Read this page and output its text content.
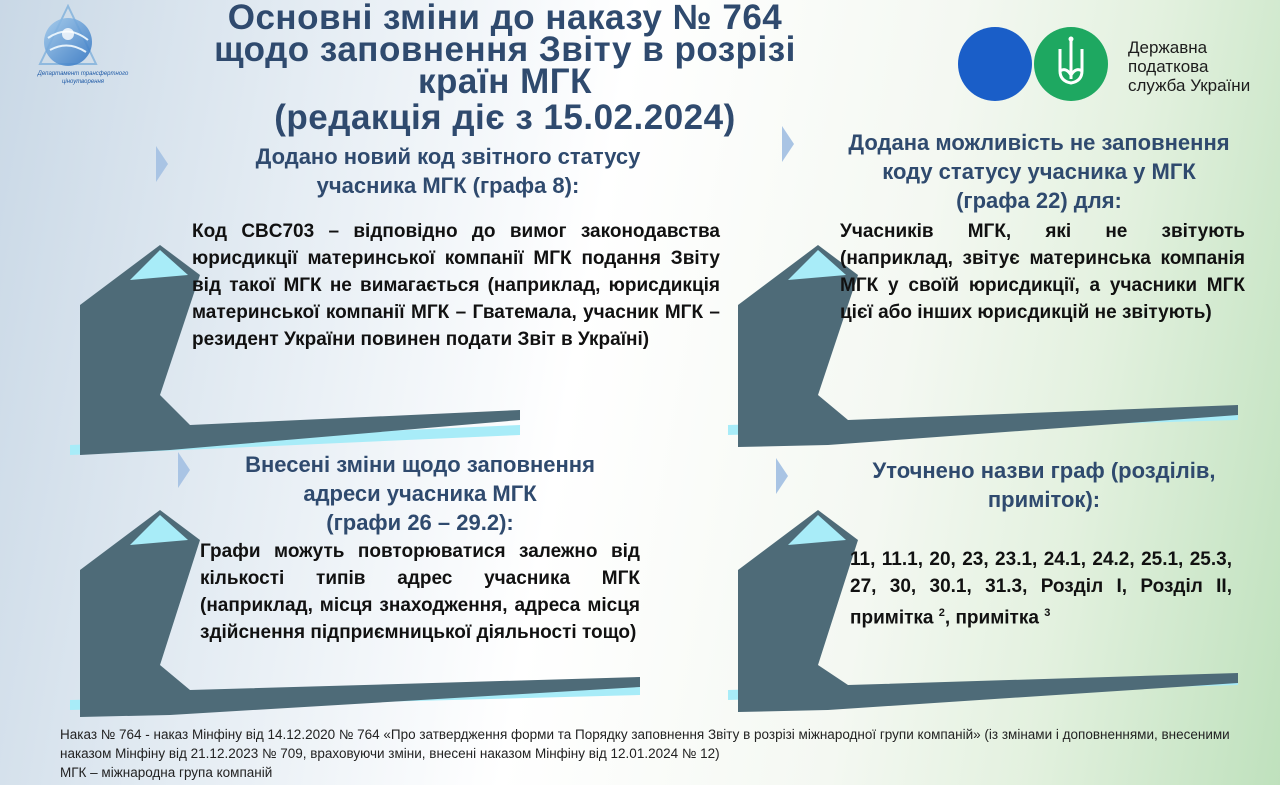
Департамент трансфертного
ціноутворення
Основні зміни до наказу № 764
щодо заповнення Звіту в розрізі
країн МГК
(редакція діє з 15.02.2024)
Державна
податкова
служба України
Додано новий код звітного статусу
учасника МГК (графа 8):
Код CBC703 – відповідно до вимог законодавства юрисдикції материнської компанії МГК подання Звіту від такої МГК не вимагається (наприклад, юрисдикція материнської компанії МГК – Гватемала, учасник МГК – резидент України повинен подати Звіт в Україні)
Додана можливість не заповнення
коду статусу учасника у МГК
(графа 22) для:
Учасників МГК, які не звітують (наприклад, звітує материнська компанія МГК у своїй юрисдикції, а учасники МГК цієї або інших юрисдикцій не звітують)
Внесені зміни щодо заповнення
адреси учасника МГК
(графи 26 – 29.2):
Графи можуть повторюватися залежно від кількості типів адрес учасника МГК (наприклад, місця знаходження, адреса місця здійснення підприємницької діяльності тощо)
Уточнено назви граф (розділів,
приміток):
11, 11.1, 20, 23, 23.1, 24.1, 24.2, 25.1, 25.3, 27, 30, 30.1, 31.3, Розділ І, Розділ ІІ, примітка $^2$, примітка $^3$

Наказ № 764 - наказ Мінфіну від 14.12.2020 № 764 «Про затвердження форми та Порядку заповнення Звіту в розрізі міжнародної групи компаній» (із змінами і доповненнями, внесеними наказом Мінфіну від 21.12.2023 № 709, враховуючи зміни, внесені наказом Мінфіну від 12.01.2024 № 12)

МГК – міжнародна група компаній
